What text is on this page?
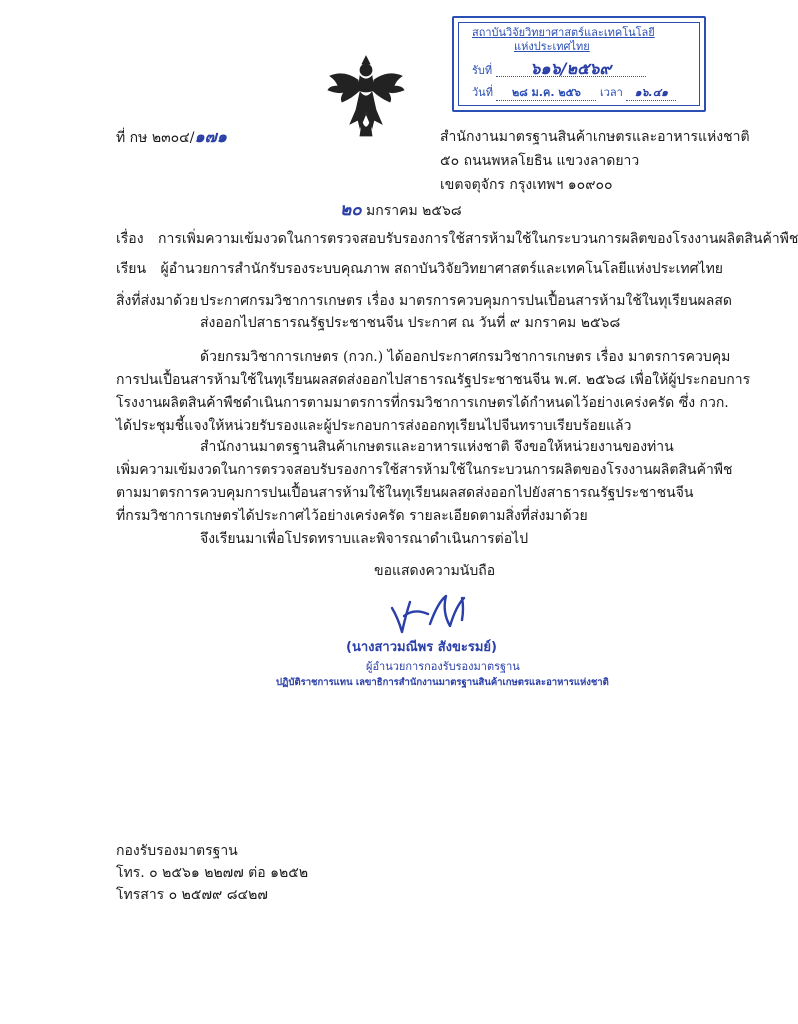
สถาบันวิจัยวิทยาศาสตร์และเทคโนโลยี
แห่งประเทศไทย
รับที่ ๖๑๖/๒๕๖๙
วันที่ ๒๘ ม.ค. ๒๕๖ เวลา ๑๖.๔๑
ที่ กษ ๒๓๐๔/๑๗๑	สำนักงานมาตรฐานสินค้าเกษตรและอาหารแห่งชาติ
๕๐ ถนนพหลโยธิน แขวงลาดยาว
เขตจตุจักร กรุงเทพฯ ๑๐๙๐๐
๒๐ มกราคม ๒๕๖๘
เรื่อง การเพิ่มความเข้มงวดในการตรวจสอบรับรองการใช้สารห้ามใช้ในกระบวนการผลิตของโรงงานผลิตสินค้าพืช
เรียน ผู้อำนวยการสำนักรับรองระบบคุณภาพ สถาบันวิจัยวิทยาศาสตร์และเทคโนโลยีแห่งประเทศไทย
สิ่งที่ส่งมาด้วย ประกาศกรมวิชาการเกษตร เรื่อง มาตรการควบคุมการปนเปื้อนสารห้ามใช้ในทุเรียนผลสด
ส่งออกไปสาธารณรัฐประชาชนจีน ประกาศ ณ วันที่ ๙ มกราคม ๒๕๖๘
ด้วยกรมวิชาการเกษตร (กวก.) ได้ออกประกาศกรมวิชาการเกษตร เรื่อง มาตรการควบคุม
การปนเปื้อนสารห้ามใช้ในทุเรียนผลสดส่งออกไปสาธารณรัฐประชาชนจีน พ.ศ. ๒๕๖๘ เพื่อให้ผู้ประกอบการ
โรงงานผลิตสินค้าพืชดำเนินการตามมาตรการที่กรมวิชาการเกษตรได้กำหนดไว้อย่างเคร่งครัด ซึ่ง กวก.
ได้ประชุมชี้แจงให้หน่วยรับรองและผู้ประกอบการส่งออกทุเรียนไปจีนทราบเรียบร้อยแล้ว
สำนักงานมาตรฐานสินค้าเกษตรและอาหารแห่งชาติ จึงขอให้หน่วยงานของท่าน
เพิ่มความเข้มงวดในการตรวจสอบรับรองการใช้สารห้ามใช้ในกระบวนการผลิตของโรงงานผลิตสินค้าพืช
ตามมาตรการควบคุมการปนเปื้อนสารห้ามใช้ในทุเรียนผลสดส่งออกไปยังสาธารณรัฐประชาชนจีน
ที่กรมวิชาการเกษตรได้ประกาศไว้อย่างเคร่งครัด รายละเอียดตามสิ่งที่ส่งมาด้วย
จึงเรียนมาเพื่อโปรดทราบและพิจารณาดำเนินการต่อไป
ขอแสดงความนับถือ
(นางสาวมณีพร สังขะรมย์)
ผู้อำนวยการกองรับรองมาตรฐาน
ปฏิบัติราชการแทน เลขาธิการสำนักงานมาตรฐานสินค้าเกษตรและอาหารแห่งชาติ
กองรับรองมาตรฐาน
โทร. ๐ ๒๕๖๑ ๒๒๗๗ ต่อ ๑๒๕๒
โทรสาร ๐ ๒๕๗๙ ๘๔๒๗
